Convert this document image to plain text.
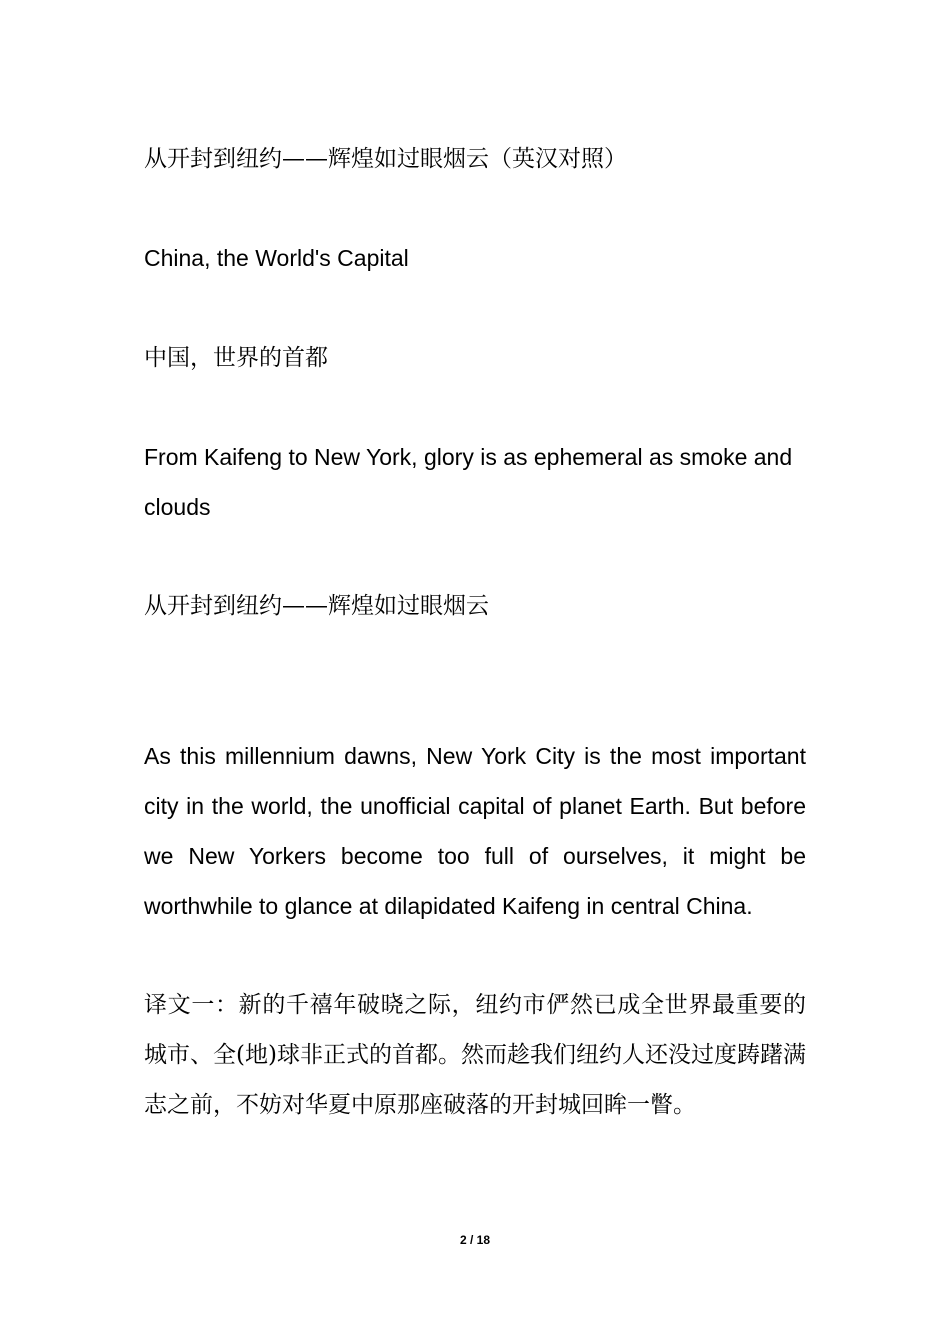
从开封到纽约——辉煌如过眼烟云（英汉对照）

China, the World's Capital

中国，世界的首都

From Kaifeng to New York, glory is as ephemeral as smoke and clouds

从开封到纽约——辉煌如过眼烟云

As this millennium dawns, New York City is the most important city in the world, the unofficial capital of planet Earth. But before we New Yorkers become too full of ourselves, it might be worthwhile to glance at dilapidated Kaifeng in central China.

译文一：新的千禧年破晓之际，纽约市俨然已成全世界最重要的城市、全(地)球非正式的首都。然而趁我们纽约人还没过度踌躇满志之前，不妨对华夏中原那座破落的开封城回眸一瞥。

2 / 18
